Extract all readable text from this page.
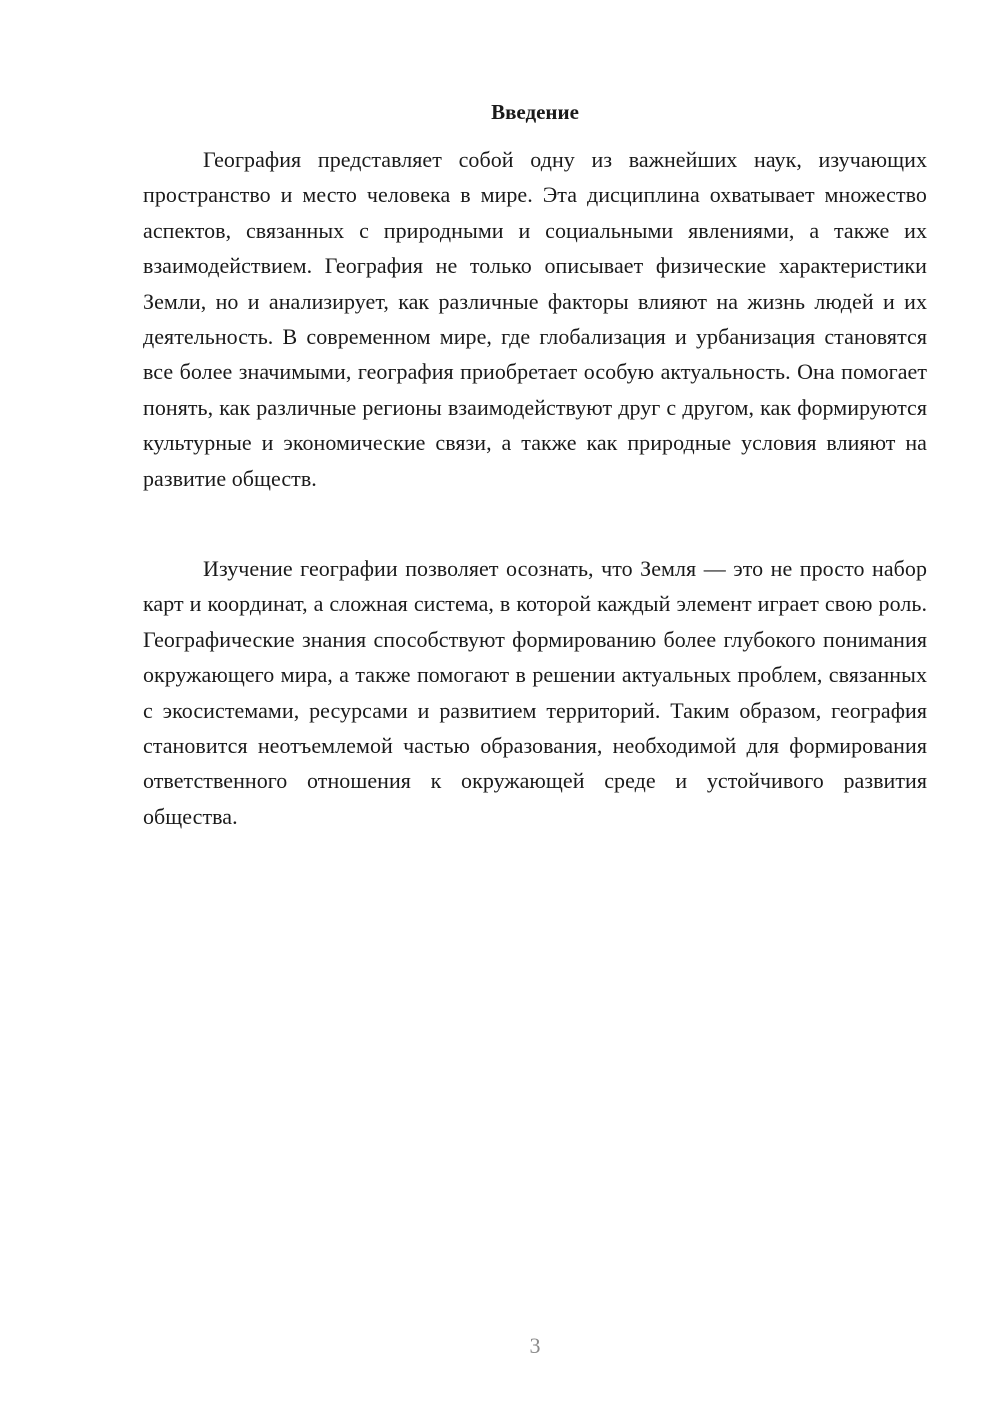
Введение

География представляет собой одну из важнейших наук, изучающих пространство и место человека в мире. Эта дисциплина охватывает множество аспектов, связанных с природными и социальными явлениями, а также их взаимодействием. География не только описывает физические характеристики Земли, но и анализирует, как различные факторы влияют на жизнь людей и их деятельность. В современном мире, где глобализация и урбанизация становятся все более значимыми, география приобретает особую актуальность. Она помогает понять, как различные регионы взаимодействуют друг с другом, как формируются культурные и экономические связи, а также как природные условия влияют на развитие обществ.

Изучение географии позволяет осознать, что Земля — это не просто набор карт и координат, а сложная система, в которой каждый элемент играет свою роль. Географические знания способствуют формированию более глубокого понимания окружающего мира, а также помогают в решении актуальных проблем, связанных с экосистемами, ресурсами и развитием территорий. Таким образом, география становится неотъемлемой частью образования, необходимой для формирования ответственного отношения к окружающей среде и устойчивого развития общества.

3
